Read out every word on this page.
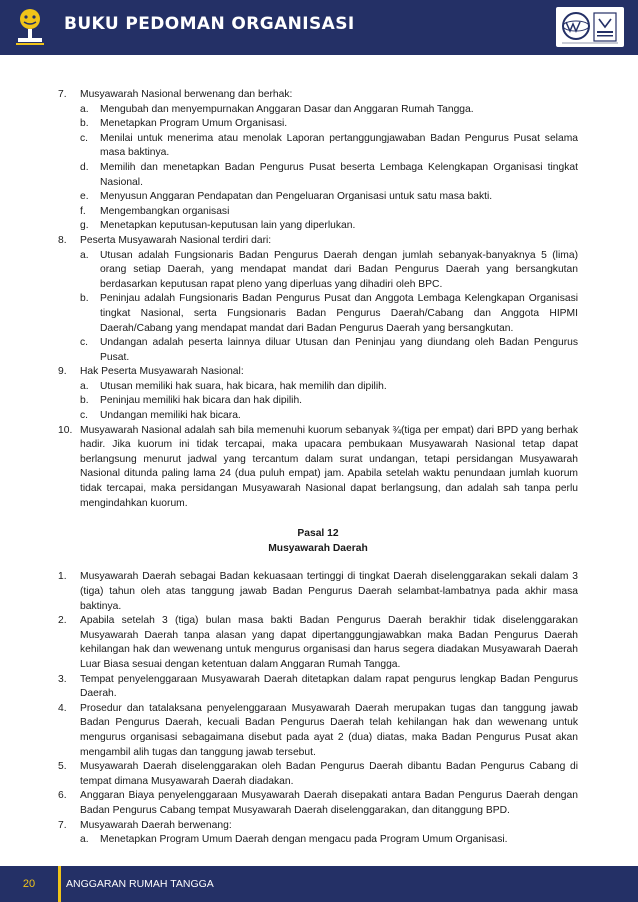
BUKU PEDOMAN ORGANISASI
7. Musyawarah Nasional berwenang dan berhak:
a. Mengubah dan menyempurnakan Anggaran Dasar dan Anggaran Rumah Tangga.
b. Menetapkan Program Umum Organisasi.
c. Menilai untuk menerima atau menolak Laporan pertanggungjawaban Badan Pengurus Pusat selama masa baktinya.
d. Memilih dan menetapkan Badan Pengurus Pusat beserta Lembaga Kelengkapan Organisasi tingkat Nasional.
e. Menyusun Anggaran Pendapatan dan Pengeluaran Organisasi untuk satu masa bakti.
f. Mengembangkan organisasi
g. Menetapkan keputusan-keputusan lain yang diperlukan.
8. Peserta Musyawarah Nasional terdiri dari:
a. Utusan adalah Fungsionaris Badan Pengurus Daerah dengan jumlah sebanyak-banyaknya 5 (lima) orang setiap Daerah, yang mendapat mandat dari Badan Pengurus Daerah yang bersangkutan berdasarkan keputusan rapat pleno yang diperluas yang dihadiri oleh BPC.
b. Peninjau adalah Fungsionaris Badan Pengurus Pusat dan Anggota Lembaga Kelengkapan Organisasi tingkat Nasional, serta Fungsionaris Badan Pengurus Daerah/Cabang dan Anggota HIPMI Daerah/Cabang yang mendapat mandat dari Badan Pengurus Daerah yang bersangkutan.
c. Undangan adalah peserta lainnya diluar Utusan dan Peninjau yang diundang oleh Badan Pengurus Pusat.
9. Hak Peserta Musyawarah Nasional:
a. Utusan memiliki hak suara, hak bicara, hak memilih dan dipilih.
b. Peninjau memiliki hak bicara dan hak dipilih.
c. Undangan memiliki hak bicara.
10. Musyawarah Nasional adalah sah bila memenuhi kuorum sebanyak ¾(tiga per empat) dari BPD yang berhak hadir. Jika kuorum ini tidak tercapai, maka upacara pembukaan Musyawarah Nasional tetap dapat berlangsung menurut jadwal yang tercantum dalam surat undangan, tetapi persidangan Musyawarah Nasional ditunda paling lama 24 (dua puluh empat) jam. Apabila setelah waktu penundaan jumlah kuorum tidak tercapai, maka persidangan Musyawarah Nasional dapat berlangsung, dan adalah sah tanpa perlu mengindahkan kuorum.
Pasal 12
Musyawarah Daerah
1. Musyawarah Daerah sebagai Badan kekuasaan tertinggi di tingkat Daerah diselenggarakan sekali dalam 3 (tiga) tahun oleh atas tanggung jawab Badan Pengurus Daerah selambat-lambatnya pada akhir masa baktinya.
2. Apabila setelah 3 (tiga) bulan masa bakti Badan Pengurus Daerah berakhir tidak diselenggarakan Musyawarah Daerah tanpa alasan yang dapat dipertanggungjawabkan maka Badan Pengurus Daerah kehilangan hak dan wewenang untuk mengurus organisasi dan harus segera diadakan Musyawarah Daerah Luar Biasa sesuai dengan ketentuan dalam Anggaran Rumah Tangga.
3. Tempat penyelenggaraan Musyawarah Daerah ditetapkan dalam rapat pengurus lengkap Badan Pengurus Daerah.
4. Prosedur dan tatalaksana penyelenggaraan Musyawarah Daerah merupakan tugas dan tanggung jawab Badan Pengurus Daerah, kecuali Badan Pengurus Daerah telah kehilangan hak dan wewenang untuk mengurus organisasi sebagaimana disebut pada ayat 2 (dua) diatas, maka Badan Pengurus Pusat akan mengambil alih tugas dan tanggung jawab tersebut.
5. Musyawarah Daerah diselenggarakan oleh Badan Pengurus Daerah dibantu Badan Pengurus Cabang di tempat dimana Musyawarah Daerah diadakan.
6. Anggaran Biaya penyelenggaraan Musyawarah Daerah disepakati antara Badan Pengurus Daerah dengan Badan Pengurus Cabang tempat Musyawarah Daerah diselenggarakan, dan ditanggung BPD.
7. Musyawarah Daerah berwenang:
a. Menetapkan Program Umum Daerah dengan mengacu pada Program Umum Organisasi.
20	ANGGARAN RUMAH TANGGA
